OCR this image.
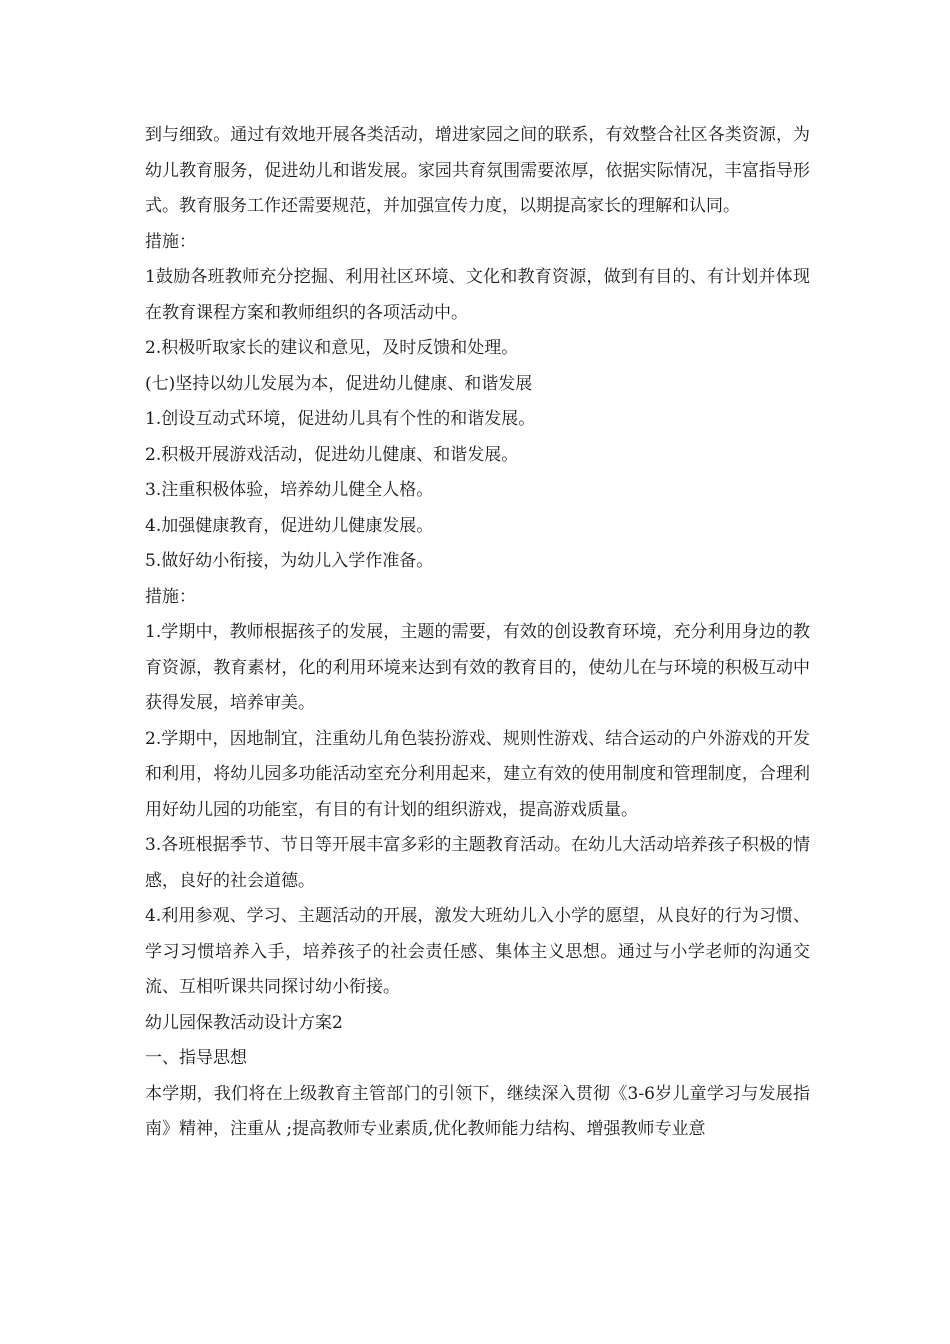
到与细致。通过有效地开展各类活动，增进家园之间的联系，有效整合社区各类资源，为幼儿教育服务，促进幼儿和谐发展。家园共育氛围需要浓厚，依据实际情况，丰富指导形式。教育服务工作还需要规范，并加强宣传力度，以期提高家长的理解和认同。

措施：

1鼓励各班教师充分挖掘、利用社区环境、文化和教育资源，做到有目的、有计划并体现在教育课程方案和教师组织的各项活动中。

2.积极听取家长的建议和意见，及时反馈和处理。

(七)坚持以幼儿发展为本，促进幼儿健康、和谐发展

1.创设互动式环境，促进幼儿具有个性的和谐发展。

2.积极开展游戏活动，促进幼儿健康、和谐发展。

3.注重积极体验，培养幼儿健全人格。

4.加强健康教育，促进幼儿健康发展。

5.做好幼小衔接，为幼儿入学作准备。

措施：

1.学期中，教师根据孩子的发展，主题的需要，有效的创设教育环境，充分利用身边的教育资源，教育素材，化的利用环境来达到有效的教育目的，使幼儿在与环境的积极互动中获得发展，培养审美。

2.学期中，因地制宜，注重幼儿角色装扮游戏、规则性游戏、结合运动的户外游戏的开发和利用，将幼儿园多功能活动室充分利用起来，建立有效的使用制度和管理制度，合理利用好幼儿园的功能室，有目的有计划的组织游戏，提高游戏质量。

3.各班根据季节、节日等开展丰富多彩的主题教育活动。在幼儿大活动培养孩子积极的情感，良好的社会道德。

4.利用参观、学习、主题活动的开展，激发大班幼儿入小学的愿望，从良好的行为习惯、学习习惯培养入手，培养孩子的社会责任感、集体主义思想。通过与小学老师的沟通交流、互相听课共同探讨幼小衔接。

幼儿园保教活动设计方案2

一、指导思想

本学期，我们将在上级教育主管部门的引领下，继续深入贯彻《3-6岁儿童学习与发展指南》精神，注重从 ;提高教师专业素质,优化教师能力结构、增强教师专业意
